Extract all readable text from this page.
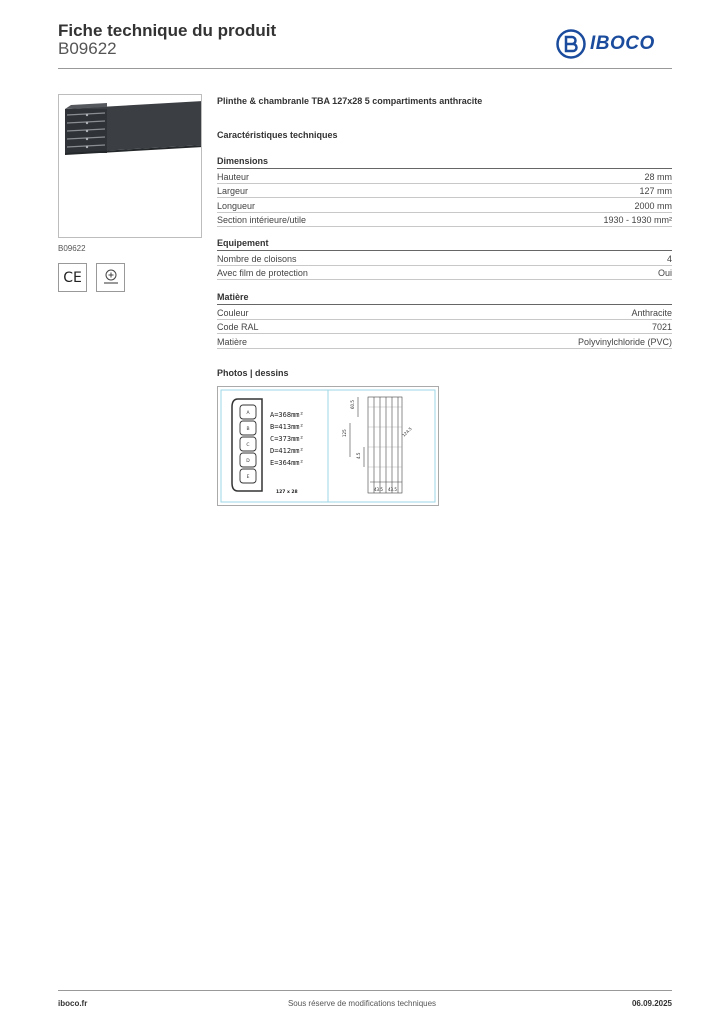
Fiche technique du produit
B09622	IBOCO
B09622
CE
Plinthe & chambranle TBA 127x28 5 compartiments anthracite
Caractéristiques techniques
Dimensions
Hauteur	28 mm
Largeur	127 mm
Longueur	2000 mm
Section intérieure/utile	1930 - 1930 mm²
Equipement
Nombre de cloisons	4
Avec film de protection	Oui
Matière
Couleur	Anthracite
Code RAL	7021
Matière	Polyvinylchloride (PVC)
Photos | dessins
A
B
C
D
E
A=368mm²
B=413mm²
C=373mm²
D=412mm²
E=364mm²
127 x 28
43.5 43.5
125
60.5
4.5
124.5
iboco.fr	Sous réserve de modifications techniques	06.09.2025
